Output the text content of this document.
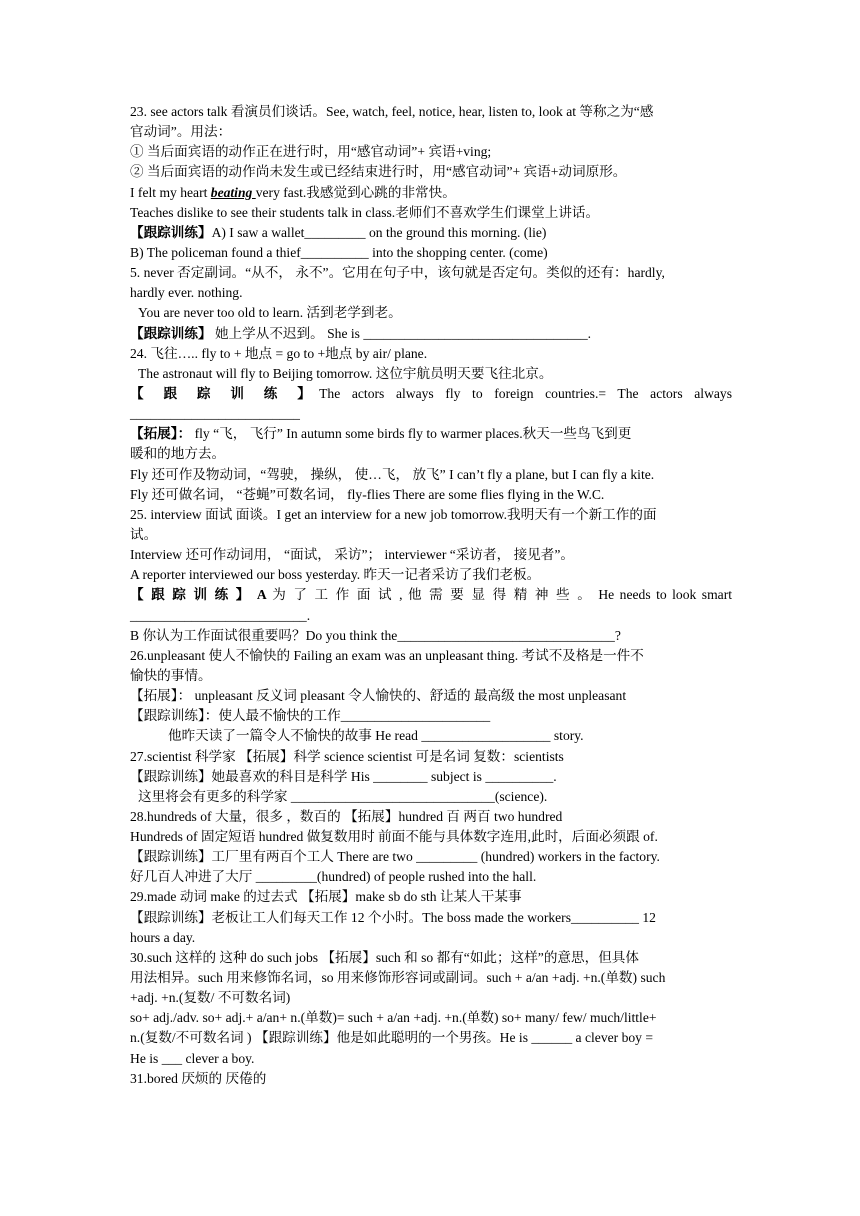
23. see actors talk 看演员们谈话。See, watch, feel, notice, hear, listen to, look at 等称之为“感
官动词”。用法：
① 当后面宾语的动作正在进行时，用“感官动词”+ 宾语+ving;
② 当后面宾语的动作尚未发生或已经结束进行时，用“感官动词”+ 宾语+动词原形。
I felt my heart beating very fast.我感觉到心跳的非常快。
Teaches dislike to see their students talk in class.老师们不喜欢学生们课堂上讲话。
【跟踪训练】A) I saw a wallet_________ on the ground this morning. (lie)
B) The policeman found a thief__________ into the shopping center. (come)
5. never 否定副词。“从不， 永不”。它用在句子中，该句就是否定句。类似的还有：hardly,
hardly ever. nothing.
You are never too old to learn. 活到老学到老。
【跟踪训练】 她上学从不迟到。 She is _________________________________.
24. 飞往….. fly to + 地点 = go to +地点 by air/ plane.
The astronaut will fly to Beijing tomorrow. 这位宇航员明天要飞往北京。
【 跟 踪 训 练 】The actors always fly to foreign countries.= The actors always
_________________________
【拓展】： fly “飞， 飞行” In autumn some birds fly to warmer places.秋天一些鸟飞到更
暖和的地方去。
Fly 还可作及物动词，“驾驶， 操纵， 使…飞， 放飞” I can’t fly a plane, but I can fly a kite.
Fly 还可做名词， “苍蝇”可数名词， fly-flies There are some flies flying in the W.C.
25. interview 面试 面谈。I get an interview for a new job tomorrow.我明天有一个新工作的面
试。
Interview 还可作动词用， “面试， 采访”； interviewer “采访者， 接见者”。
A reporter interviewed our boss yesterday. 昨天一记者采访了我们老板。
【 跟 踪 训 练 】 A 为 了 工 作 面 试 , 他 需 要 显 得 精 神 些 。 He needs to look smart
__________________________.
B 你认为工作面试很重要吗？Do you think the________________________________?
26.unpleasant 使人不愉快的 Failing an exam was an unpleasant thing. 考试不及格是一件不
愉快的事情。
【拓展】： unpleasant 反义词 pleasant 令人愉快的、舒适的 最高级 the most unpleasant
【跟踪训练】：使人最不愉快的工作______________________
他昨天读了一篇令人不愉快的故事 He read ___________________ story.
27.scientist 科学家 【拓展】科学 science scientist 可是名词 复数：scientists
【跟踪训练】她最喜欢的科目是科学 His ________ subject is __________.
这里将会有更多的科学家 ______________________________(science).
28.hundreds of 大量，很多 ，数百的 【拓展】hundred 百 两百 two hundred
Hundreds of 固定短语 hundred 做复数用时 前面不能与具体数字连用,此时，后面必须跟 of.
【跟踪训练】工厂里有两百个工人 There are two _________ (hundred) workers in the factory.
好几百人冲进了大厅 _________(hundred) of people rushed into the hall.
29.made 动词 make 的过去式 【拓展】make sb do sth 让某人干某事
【跟踪训练】老板让工人们每天工作 12 个小时。The boss made the workers__________ 12
hours a day.
30.such 这样的 这种 do such jobs 【拓展】such 和 so 都有“如此；这样”的意思，但具体
用法相异。such 用来修饰名词，so 用来修饰形容词或副词。such + a/an +adj. +n.(单数) such
+adj. +n.(复数/ 不可数名词)
so+ adj./adv. so+ adj.+ a/an+ n.(单数)= such + a/an +adj. +n.(单数) so+ many/ few/ much/little+
n.(复数/不可数名词 ) 【跟踪训练】他是如此聪明的一个男孩。He is ______ a clever boy =
He is ___ clever a boy.
31.bored 厌烦的 厌倦的
